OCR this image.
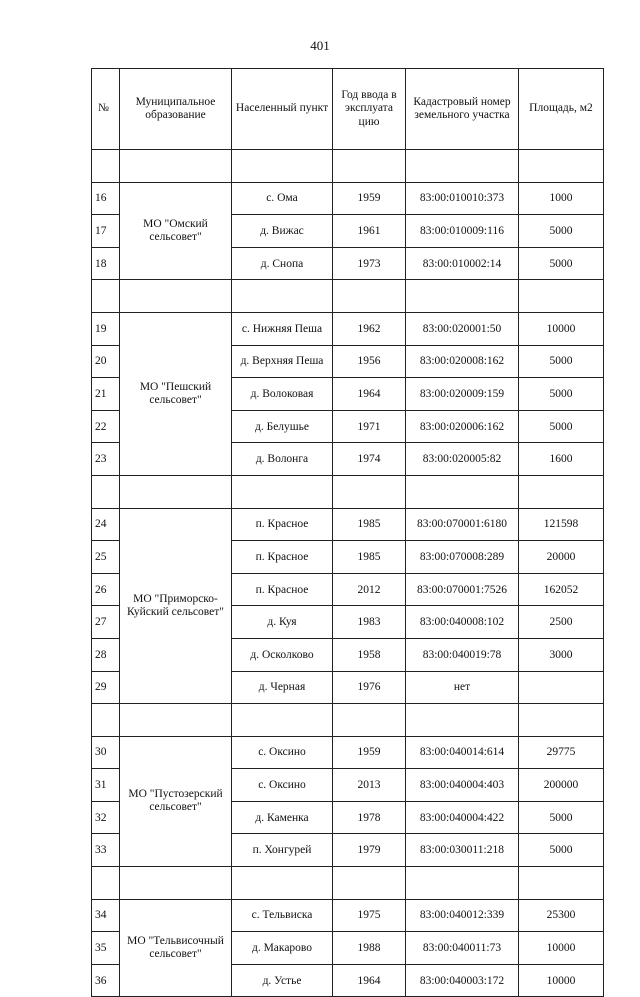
401
№	Муниципальное образование	Населенный пункт	Год ввода в эксплуата цию	Кадастровый номер земельного участка	Площадь, м2

16	МО "Омский сельсовет"	с. Ома	1959	83:00:010010:373	1000
17		д. Вижас	1961	83:00:010009:116	5000
18		д. Снопа	1973	83:00:010002:14	5000

19	МО "Пешский сельсовет"	с. Нижняя Пеша	1962	83:00:020001:50	10000
20		д. Верхняя Пеша	1956	83:00:020008:162	5000
21		д. Волоковая	1964	83:00:020009:159	5000
22		д. Белушье	1971	83:00:020006:162	5000
23		д. Волонга	1974	83:00:020005:82	1600

24	МО "Приморско-Куйский сельсовет"	п. Красное	1985	83:00:070001:6180	121598
25		п. Красное	1985	83:00:070008:289	20000
26		п. Красное	2012	83:00:070001:7526	162052
27		д. Куя	1983	83:00:040008:102	2500
28		д. Осколково	1958	83:00:040019:78	3000
29		д. Черная	1976	нет	

30	МО "Пустозерский сельсовет"	с. Оксино	1959	83:00:040014:614	29775
31		с. Оксино	2013	83:00:040004:403	200000
32		д. Каменка	1978	83:00:040004:422	5000
33		п. Хонгурей	1979	83:00:030011:218	5000

34	МО "Тельвисочный сельсовет"	с. Тельвиска	1975	83:00:040012:339	25300
35		д. Макарово	1988	83:00:040011:73	10000
36		д. Устье	1964	83:00:040003:172	10000
